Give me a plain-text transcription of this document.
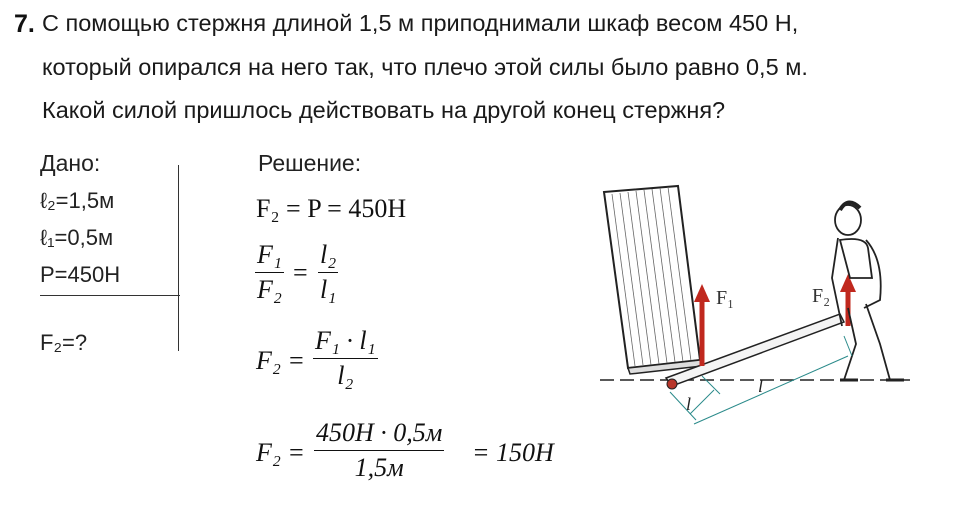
7. С помощью стержня длиной 1,5 м приподнимали шкаф весом 450 Н,
который опирался на него так, что плечо этой силы было равно 0,5 м.
Какой силой пришлось действовать на другой конец стержня?
Дано:
ℓ₂=1,5м
ℓ₁=0,5м
P=450Н
F₂=?
Решение:
F₂ = P = 450Н
F₁
F₂
=
l₂
l₁
F₂ =
F₁ · l₁
l₂
F₂ =
450Н · 0,5м
1,5м
= 150Н
F₁	F₂
l
l
